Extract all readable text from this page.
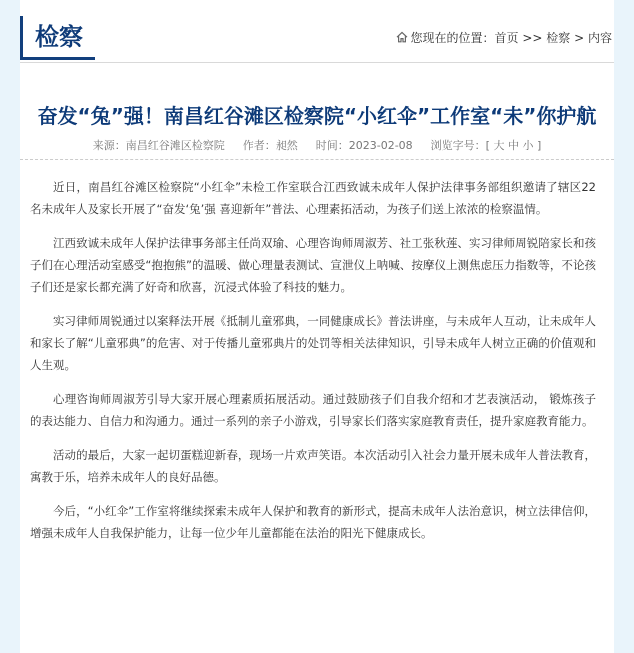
检察	您现在的位置：首页 >> 检察 > 内容
奋发“兔”强！南昌红谷滩区检察院“小红伞”工作室“未”你护航
来源：南昌红谷滩区检察院 作者：昶然 时间：2023-02-08 浏览字号：[ 大 中 小 ]

近日，南昌红谷滩区检察院“小红伞”未检工作室联合江西致诚未成年人保护法律事务部组织邀请了辖区22名未成年人及家长开展了“奋发‘兔’强 喜迎新年”普法、心理素拓活动，为孩子们送上浓浓的检察温情。

江西致诚未成年人保护法律事务部主任尚双瑜、心理咨询师周淑芳、社工张秋莲、实习律师周锐陪家长和孩子们在心理活动室感受“抱抱熊”的温暖、做心理量表测试、宣泄仪上呐喊、按摩仪上测焦虑压力指数等，不论孩子们还是家长都充满了好奇和欣喜，沉浸式体验了科技的魅力。

实习律师周锐通过以案释法开展《抵制儿童邪典，一同健康成长》普法讲座，与未成年人互动，让未成年人和家长了解“儿童邪典”的危害、对于传播儿童邪典片的处罚等相关法律知识，引导未成年人树立正确的价值观和人生观。

心理咨询师周淑芳引导大家开展心理素质拓展活动。通过鼓励孩子们自我介绍和才艺表演活动， 锻炼孩子的表达能力、自信力和沟通力。通过一系列的亲子小游戏，引导家长们落实家庭教育责任，提升家庭教育能力。

活动的最后，大家一起切蛋糕迎新春，现场一片欢声笑语。本次活动引入社会力量开展未成年人普法教育，寓教于乐，培养未成年人的良好品德。

今后，“小红伞”工作室将继续探索未成年人保护和教育的新形式，提高未成年人法治意识，树立法律信仰，增强未成年人自我保护能力，让每一位少年儿童都能在法治的阳光下健康成长。
